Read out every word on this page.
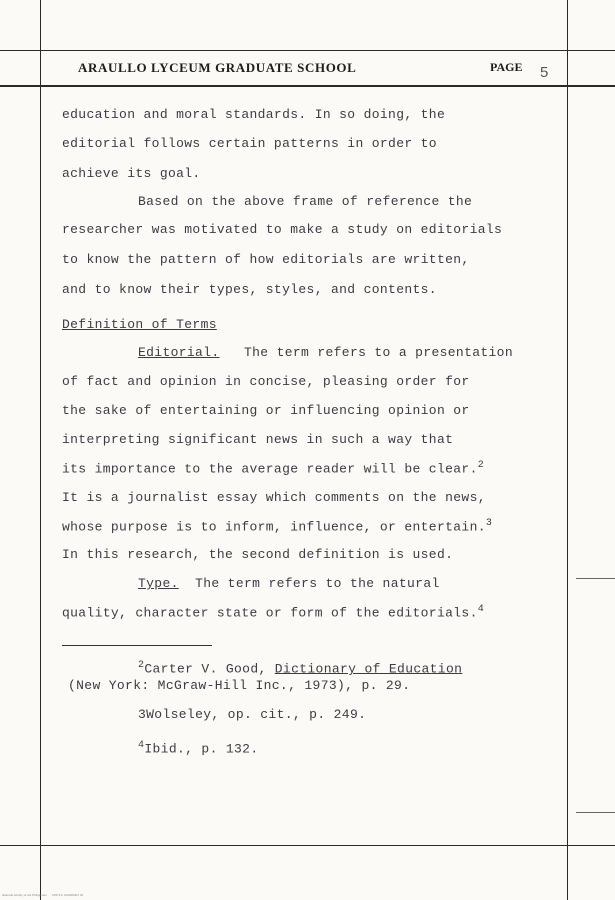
ARAULLO LYCEUM GRADUATE SCHOOL	PAGE 5
education and moral standards. In so doing, the
editorial follows certain patterns in order to
achieve its goal.
Based on the above frame of reference the
researcher was motivated to make a study on editorials
to know the pattern of how editorials are written,
and to know their types, styles, and contents.
Definition of Terms
Editorial. The term refers to a presentation
of fact and opinion in concise, pleasing order for
the sake of entertaining or influencing opinion or
interpreting significant news in such a way that
its importance to the average reader will be clear.$^2$
It is a journalist essay which comments on the news,
whose purpose is to inform, influence, or entertain.$^3$
In this research, the second definition is used.
Type. The term refers to the natural
quality, character state or form of the editorials.$^4$
$^2$Carter V. Good, Dictionary of Education
(New York: McGraw-Hill Inc., 1973), p. 29.
3Wolseley, op. cit., p. 249.
$^4$Ibid., p. 132.
National Library of the Philippines 10571-F 102000001 04
